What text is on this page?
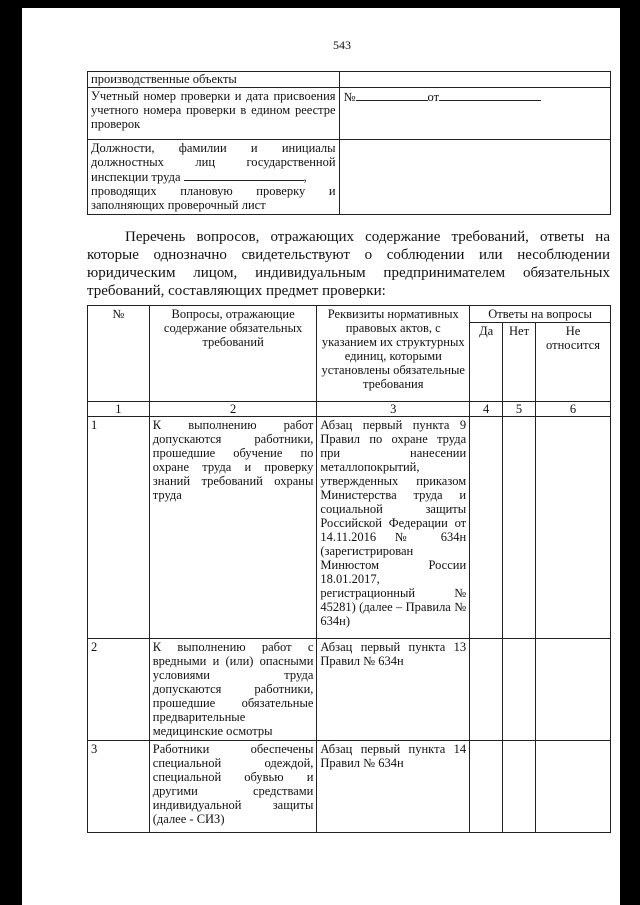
543
производственные объекты	
Учетный номер проверки и дата присвоения учетного номера проверки в едином реестре проверок	№ от

Должности, фамилии и инициалы
должностных лиц государственной
инспекции труда ,
проводящих плановую проверку и
заполняющих проверочный лист	

Перечень вопросов, отражающих содержание требований, ответы на
которые однозначно свидетельствуют о соблюдении или несоблюдении
юридическим лицом, индивидуальным предпринимателем обязательных
требований, составляющих предмет проверки:
№	Вопросы, отражающие содержание обязательных требований	Реквизиты нормативных правовых актов, с указанием их структурных единиц, которыми установлены обязательные требования	Ответы на вопросы		
			Да	Нет	Не относится
1	2	3	4	5	6
1	К выполнению работ допускаются работники, прошедшие обучение по охране труда и проверку знаний требований охраны труда	Абзац первый пункта 9 Правил по охране труда при нанесении металлопокрытий, утвержденных приказом Министерства труда и социальной защиты Российской Федерации от 14.11.2016 № 634н (зарегистрирован Минюстом России 18.01.2017, регистрационный № 45281) (далее – Правила № 634н)			
2	К выполнению работ с вредными и (или) опасными условиями труда допускаются работники, прошедшие обязательные предварительные медицинские осмотры	Абзац первый пункта 13 Правил № 634н			
3	Работники обеспечены специальной одеждой, специальной обувью и другими средствами индивидуальной защиты (далее - СИЗ)	Абзац первый пункта 14 Правил № 634н			
